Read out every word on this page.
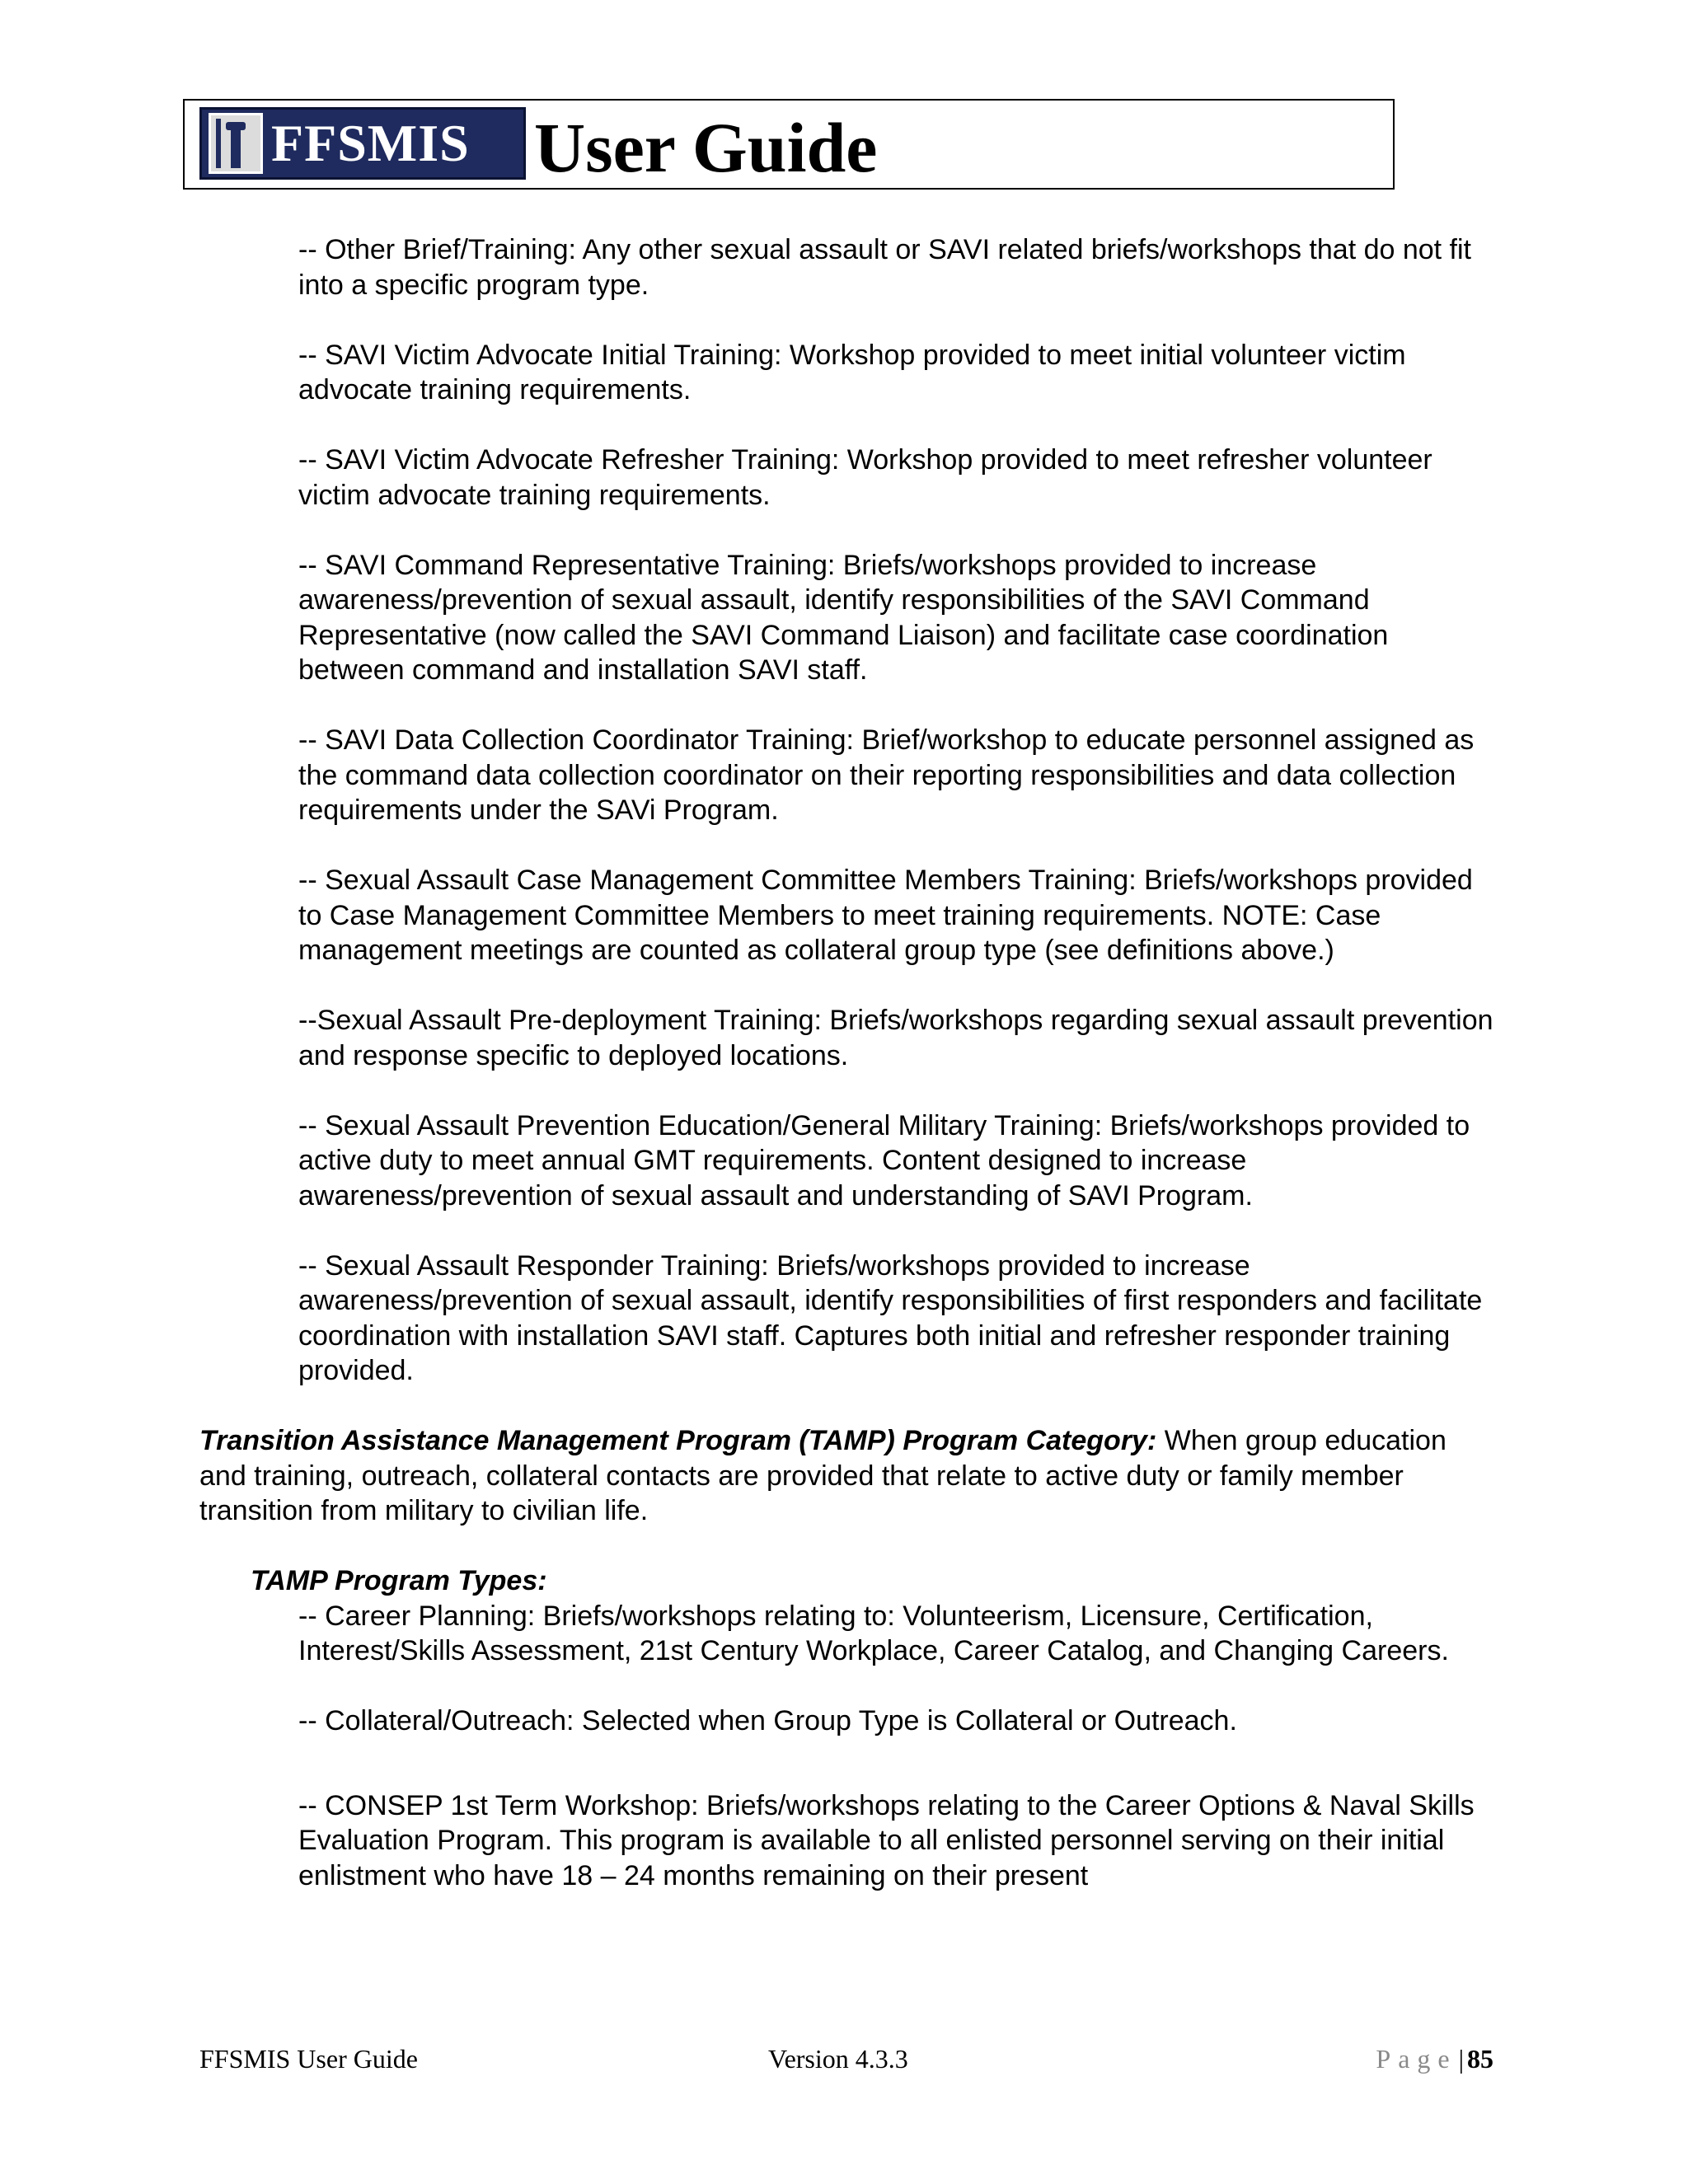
FFSMIS User Guide
-- Other Brief/Training: Any other sexual assault or SAVI related briefs/workshops that do not fit into a specific program type.
-- SAVI Victim Advocate Initial Training: Workshop provided to meet initial volunteer victim advocate training requirements.
-- SAVI Victim Advocate Refresher Training: Workshop provided to meet refresher volunteer victim advocate training requirements.
-- SAVI Command Representative Training: Briefs/workshops provided to increase awareness/prevention of sexual assault, identify responsibilities of the SAVI Command Representative (now called the SAVI Command Liaison) and facilitate case coordination between command and installation SAVI staff.
-- SAVI Data Collection Coordinator Training: Brief/workshop to educate personnel assigned as the command data collection coordinator on their reporting responsibilities and data collection requirements under the SAVi Program.
-- Sexual Assault Case Management Committee Members Training: Briefs/workshops provided to Case Management Committee Members to meet training requirements. NOTE: Case management meetings are counted as collateral group type (see definitions above.)
--Sexual Assault Pre-deployment Training: Briefs/workshops regarding sexual assault prevention and response specific to deployed locations.
-- Sexual Assault Prevention Education/General Military Training: Briefs/workshops provided to active duty to meet annual GMT requirements. Content designed to increase awareness/prevention of sexual assault and understanding of SAVI Program.
-- Sexual Assault Responder Training: Briefs/workshops provided to increase awareness/prevention of sexual assault, identify responsibilities of first responders and facilitate coordination with installation SAVI staff. Captures both initial and refresher responder training provided.
Transition Assistance Management Program (TAMP) Program Category: When group education and training, outreach, collateral contacts are provided that relate to active duty or family member transition from military to civilian life.
TAMP Program Types:
-- Career Planning: Briefs/workshops relating to: Volunteerism, Licensure, Certification, Interest/Skills Assessment, 21st Century Workplace, Career Catalog, and Changing Careers.
-- Collateral/Outreach: Selected when Group Type is Collateral or Outreach.
-- CONSEP 1st Term Workshop: Briefs/workshops relating to the Career Options & Naval Skills Evaluation Program. This program is available to all enlisted personnel serving on their initial enlistment who have 18 – 24 months remaining on their present
FFSMIS User Guide	Version 4.3.3	Page| 85
